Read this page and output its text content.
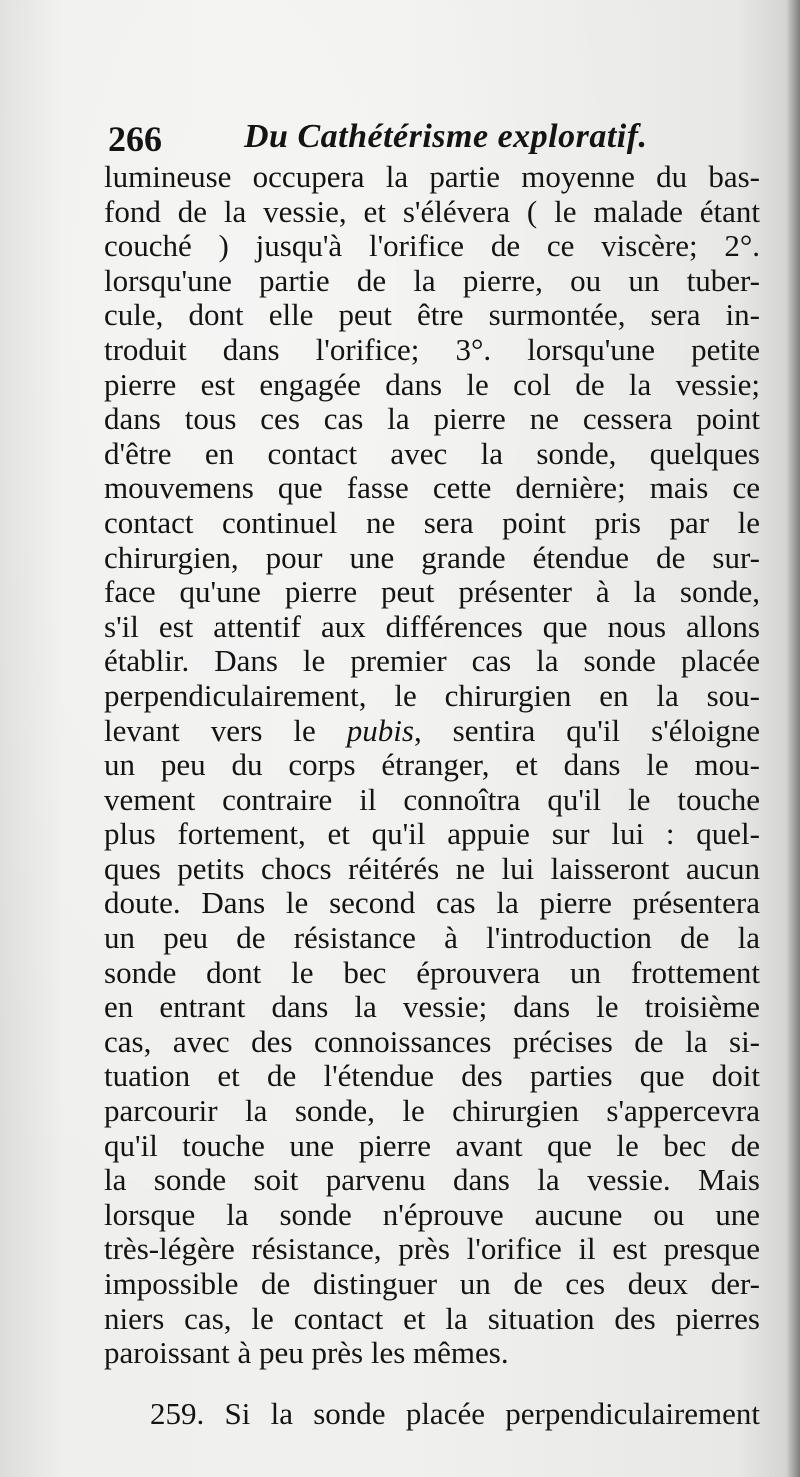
266 Du Cathétérisme exploratif.
lumineuse occupera la partie moyenne du bas-
fond de la vessie, et s'élévera ( le malade étant
couché ) jusqu'à l'orifice de ce viscère; 2°.
lorsqu'une partie de la pierre, ou un tuber-
cule, dont elle peut être surmontée, sera in-
troduit dans l'orifice; 3°. lorsqu'une petite
pierre est engagée dans le col de la vessie;
dans tous ces cas la pierre ne cessera point
d'être en contact avec la sonde, quelques
mouvemens que fasse cette dernière; mais ce
contact continuel ne sera point pris par le
chirurgien, pour une grande étendue de sur-
face qu'une pierre peut présenter à la sonde,
s'il est attentif aux différences que nous allons
établir. Dans le premier cas la sonde placée
perpendiculairement, le chirurgien en la sou-
levant vers le pubis, sentira qu'il s'éloigne
un peu du corps étranger, et dans le mou-
vement contraire il connoîtra qu'il le touche
plus fortement, et qu'il appuie sur lui : quel-
ques petits chocs réitérés ne lui laisseront aucun
doute. Dans le second cas la pierre présentera
un peu de résistance à l'introduction de la
sonde dont le bec éprouvera un frottement
en entrant dans la vessie; dans le troisième
cas, avec des connoissances précises de la si-
tuation et de l'étendue des parties que doit
parcourir la sonde, le chirurgien s'appercevra
qu'il touche une pierre avant que le bec de
la sonde soit parvenu dans la vessie. Mais
lorsque la sonde n'éprouve aucune ou une
très-légère résistance, près l'orifice il est presque
impossible de distinguer un de ces deux der-
niers cas, le contact et la situation des pierres
paroissant à peu près les mêmes.
259. Si la sonde placée perpendiculairement
